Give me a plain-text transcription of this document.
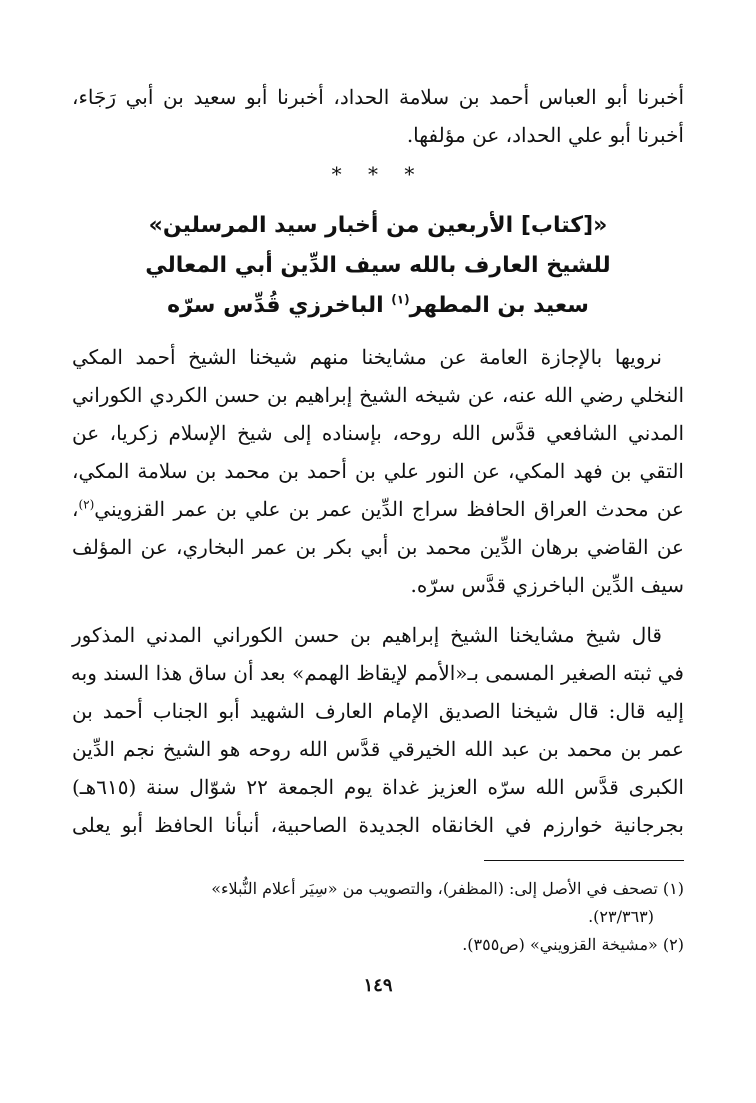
أخبرنا أبو العباس أحمد بن سلامة الحداد، أخبرنا أبو سعيد بن أبي رَجَاء،
أخبرنا أبو علي الحداد، عن مؤلفها.
* * *
«[كتاب] الأربعين من أخبار سيد المرسلين»
للشيخ العارف بالله سيف الدِّين أبي المعالي
سعيد بن المطهر$^{(١)}$ الباخرزي قُدِّس سرّه
نرويها بالإجازة العامة عن مشايخنا منهم شيخنا الشيخ أحمد المكي
النخلي رضي الله عنه، عن شيخه الشيخ إبراهيم بن حسن الكردي الكوراني
المدني الشافعي قدَّس الله روحه، بإسناده إلى شيخ الإسلام زكريا، عن
التقي بن فهد المكي، عن النور علي بن أحمد بن محمد بن سلامة المكي،
عن محدث العراق الحافظ سراج الدِّين عمر بن علي بن عمر القزويني$^{(٢)}$،
عن القاضي برهان الدِّين محمد بن أبي بكر بن عمر البخاري، عن المؤلف
سيف الدِّين الباخرزي قدَّس سرّه.
قال شيخ مشايخنا الشيخ إبراهيم بن حسن الكوراني المدني المذكور
في ثبته الصغير المسمى بـ«الأمم لإيقاظ الهمم» بعد أن ساق هذا السند وبه
إليه قال: قال شيخنا الصديق الإمام العارف الشهيد أبو الجناب أحمد بن
عمر بن محمد بن عبد الله الخيرقي قدَّس الله روحه هو الشيخ نجم الدِّين
الكبرى قدَّس الله سرّه العزيز غداة يوم الجمعة ٢٢ شوّال سنة (٦١٥هـ)
بجرجانية خوارزم في الخانقاه الجديدة الصاحبية، أنبأنا الحافظ أبو يعلى
(١) تصحف في الأصل إلى: (المظفر)، والتصويب من «سِيَر أعلام النُّبلاء»
(٢٣/٣٦٣).
(٢) «مشيخة القزويني» (ص٣٥٥).
١٤٩
